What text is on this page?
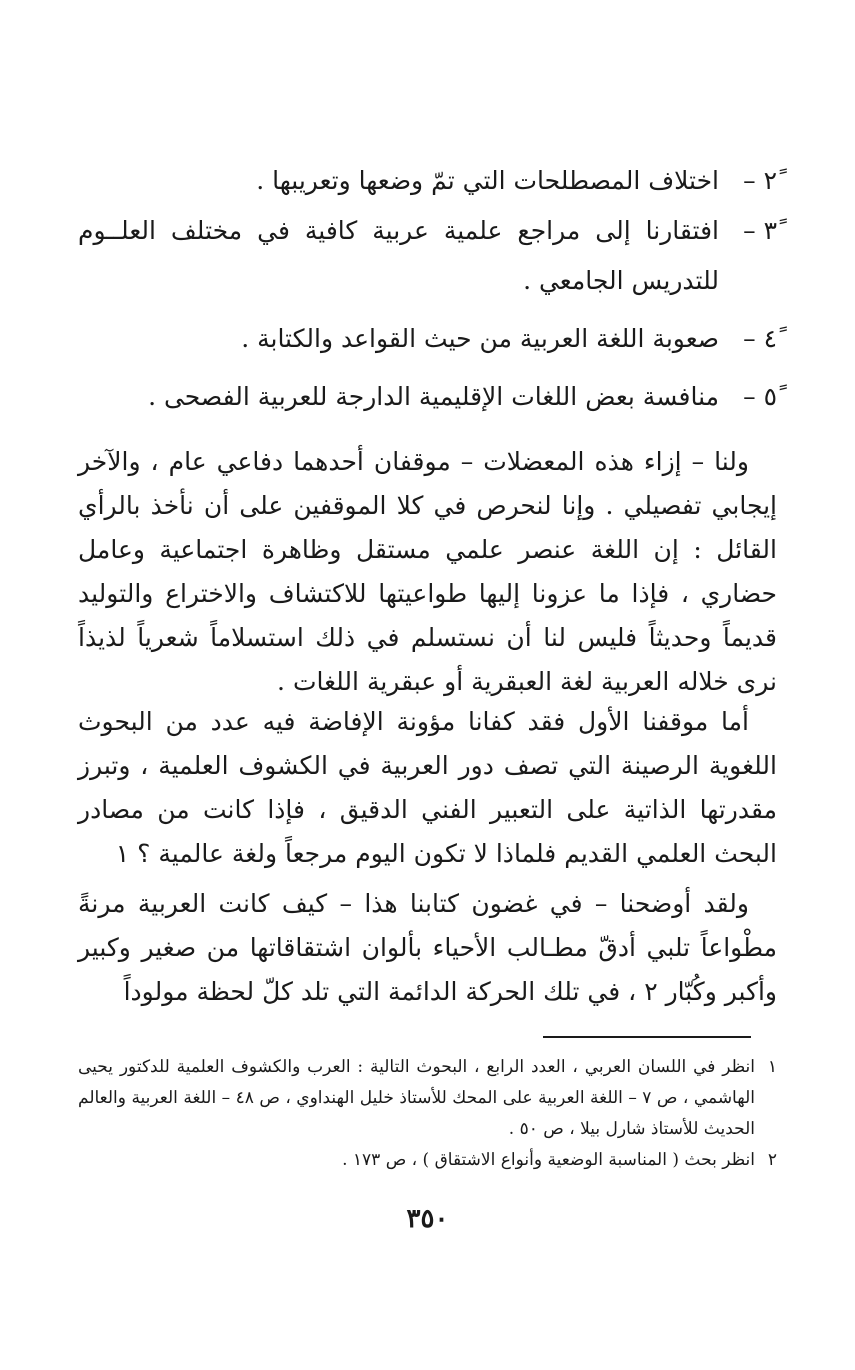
٢ً –
اختلاف المصطلحات التي تمّ وضعها وتعريبها .
٣ً –
افتقارنا إلى مراجع علمية عربية كافية في مختلف العلــوم
للتدريس الجامعي .
٤ً –
صعوبة اللغة العربية من حيث القواعد والكتابة .
٥ً –
منافسة بعض اللغات الإقليمية الدارجة للعربية الفصحى .

ولنا – إزاء هذه المعضلات – موقفان أحدهما دفاعي عام ، والآخر إيجابي تفصيلي . وإنا لنحرص في كلا الموقفين على أن نأخذ بالرأي القائل : إن اللغة عنصر علمي مستقل وظاهرة اجتماعية وعامل حضاري ، فإذا ما عزونا إليها طواعيتها للاكتشاف والاختراع والتوليد قديماً وحديثاً فليس لنا أن نستسلم في ذلك استسلاماً شعرياً لذيذاً نرى خلاله العربية لغة العبقرية أو عبقرية اللغات .

أما موقفنا الأول فقد كفانا مؤونة الإفاضة فيه عدد من البحوث اللغوية الرصينة التي تصف دور العربية في الكشوف العلمية ، وتبرز مقدرتها الذاتية على التعبير الفني الدقيق ، فإذا كانت من مصادر البحث العلمي القديم فلماذا لا تكون اليوم مرجعاً ولغة عالمية ؟ ١

ولقد أوضحنا – في غضون كتابنا هذا – كيف كانت العربية مرنةً مطْواعاً تلبي أدقّ مطـالب الأحياء بألوان اشتقاقاتها من صغير وكبير وأكبر وكُبّار ٢ ، في تلك الحركة الدائمة التي تلد كلّ لحظة مولوداً

١
انظر في اللسان العربي ، العدد الرابع ، البحوث التالية : العرب والكشوف العلمية للدكتور يحيى الهاشمي ، ص ٧ – اللغة العربية على المحك للأستاذ خليل الهنداوي ، ص ٤٨ – اللغة العربية والعالم الحديث للأستاذ شارل بيلا ، ص ٥٠ .
٢
انظر بحث ( المناسبة الوضعية وأنواع الاشتقاق ) ، ص ١٧٣ .
٣٥٠
